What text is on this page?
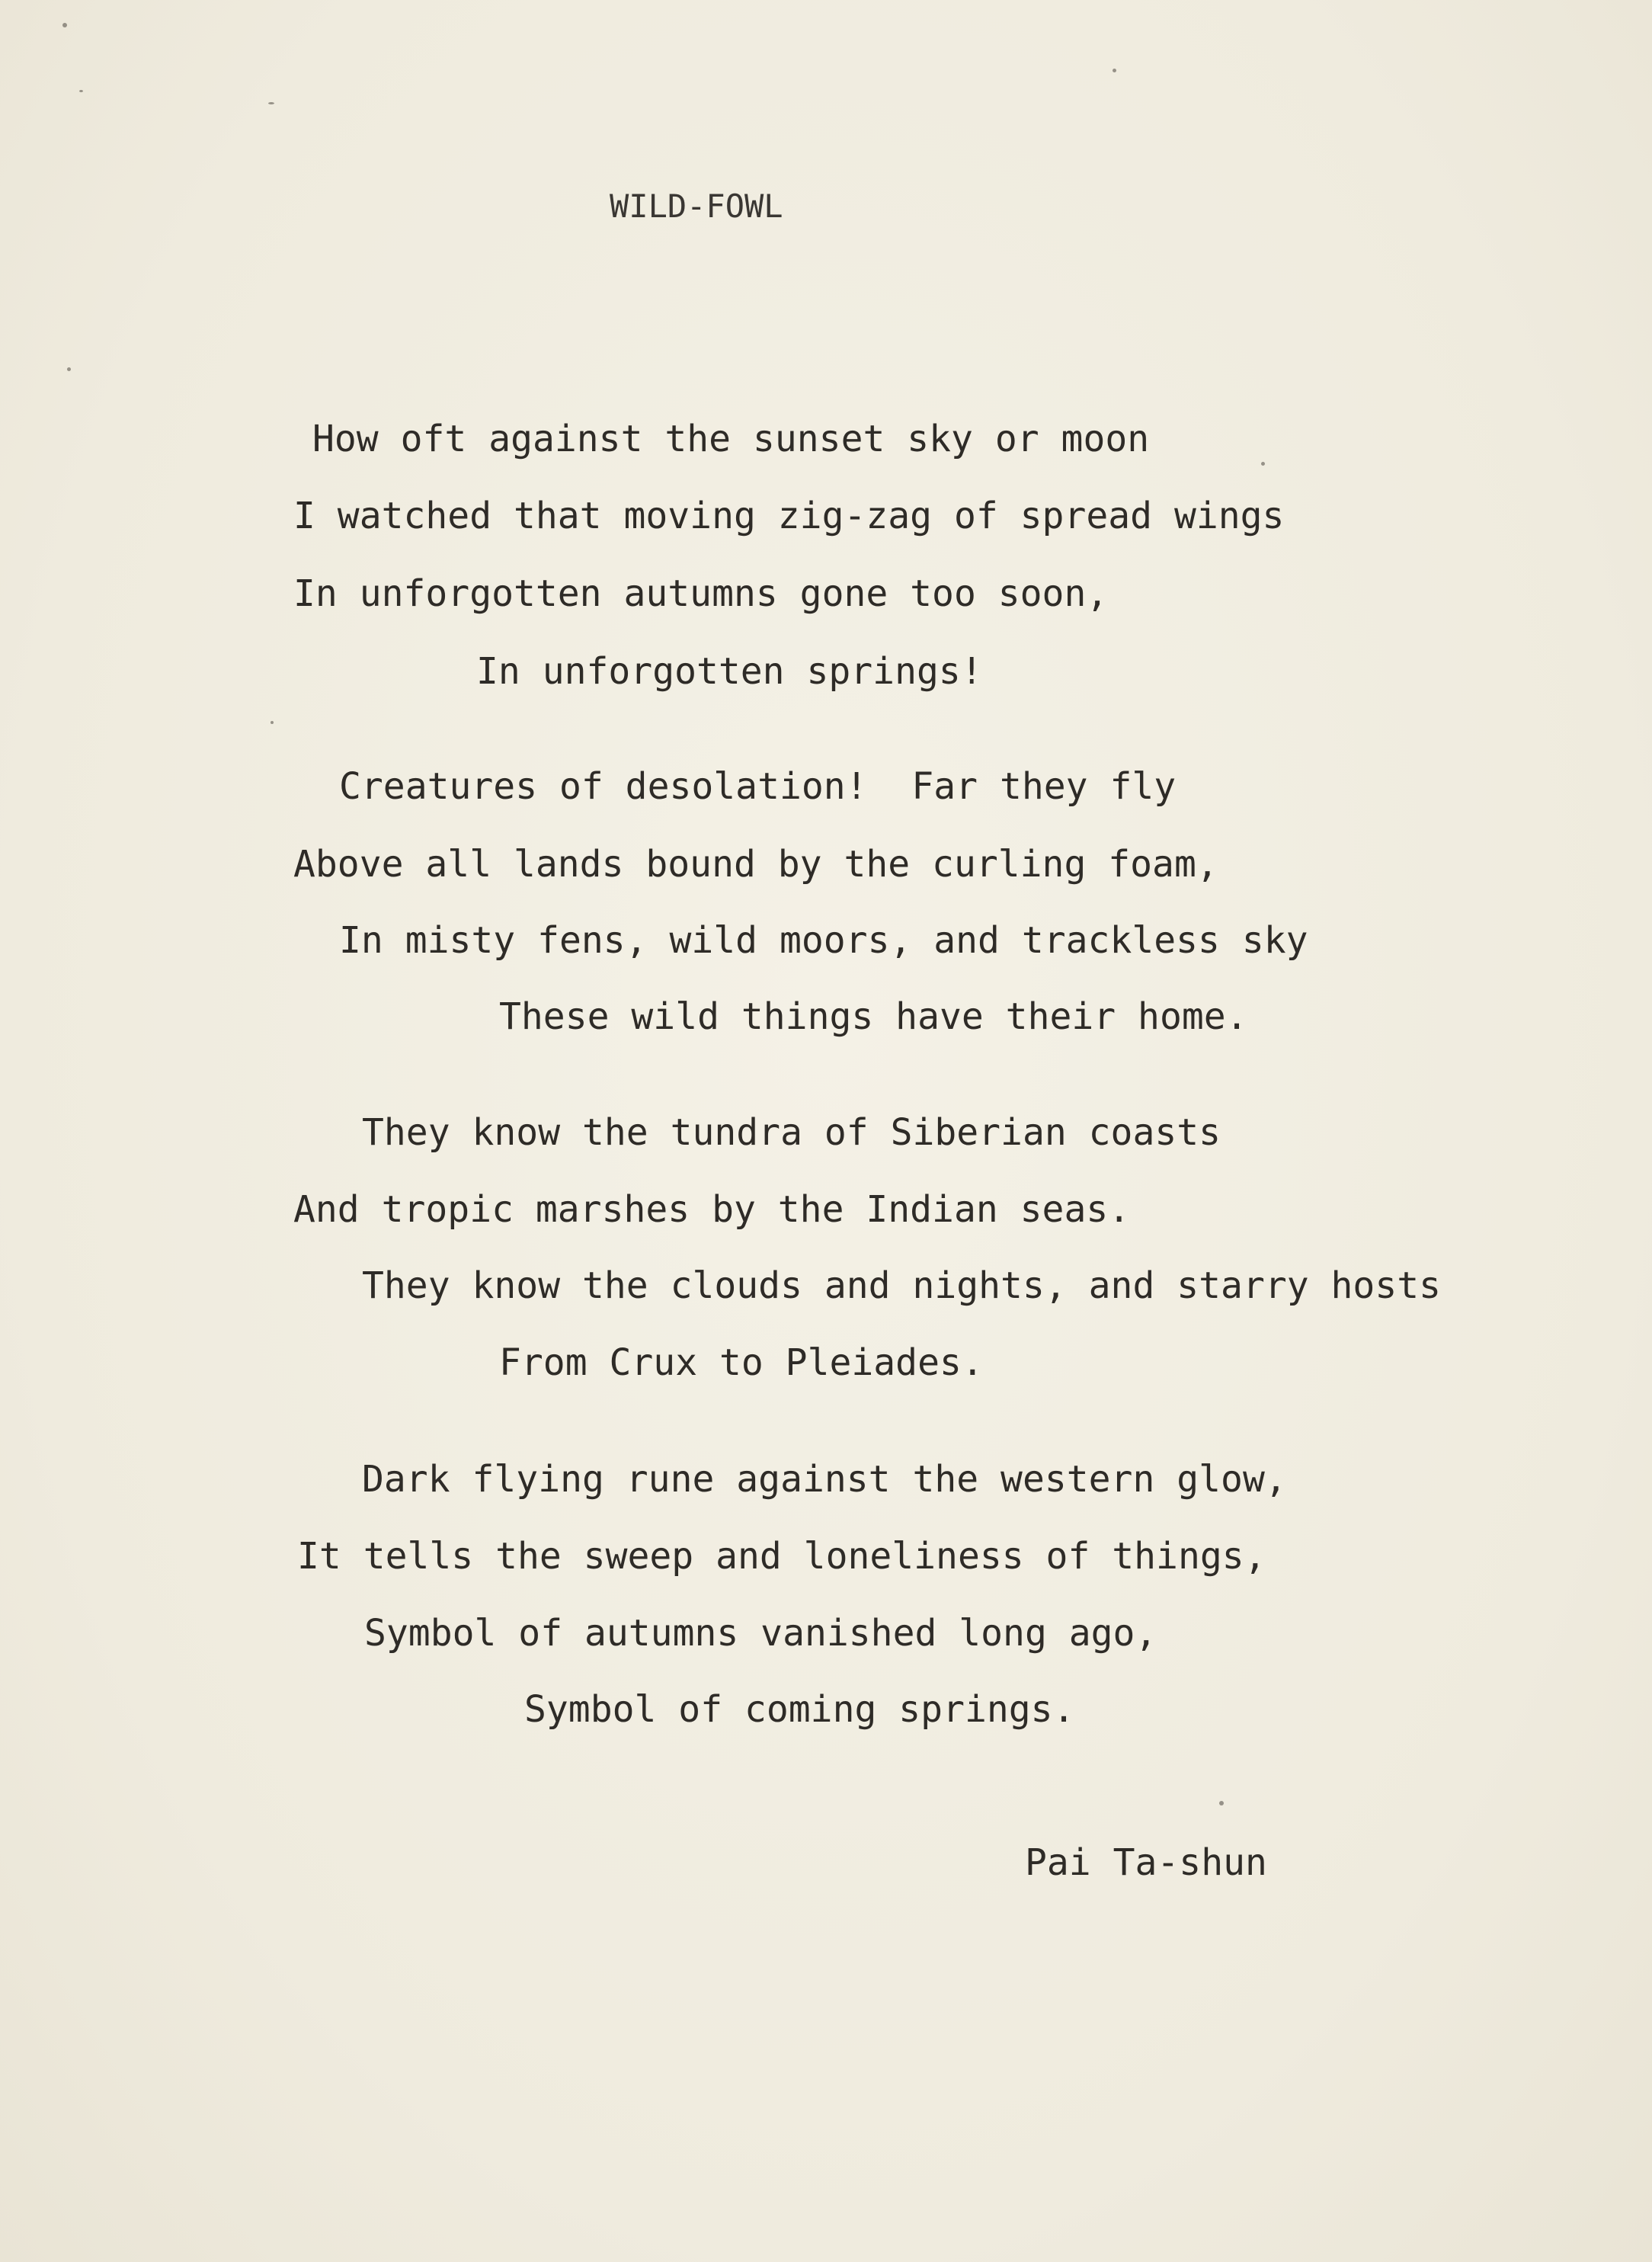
WILD-FOWL
How oft against the sunset sky or moon
I watched that moving zig-zag of spread wings
In unforgotten autumns gone too soon,
In unforgotten springs!
Creatures of desolation!  Far they fly
Above all lands bound by the curling foam,
In misty fens, wild moors, and trackless sky
These wild things have their home.
They know the tundra of Siberian coasts
And tropic marshes by the Indian seas.
They know the clouds and nights, and starry hosts
From Crux to Pleiades.
Dark flying rune against the western glow,
It tells the sweep and loneliness of things,
Symbol of autumns vanished long ago,
Symbol of coming springs.
Pai Ta-shun
